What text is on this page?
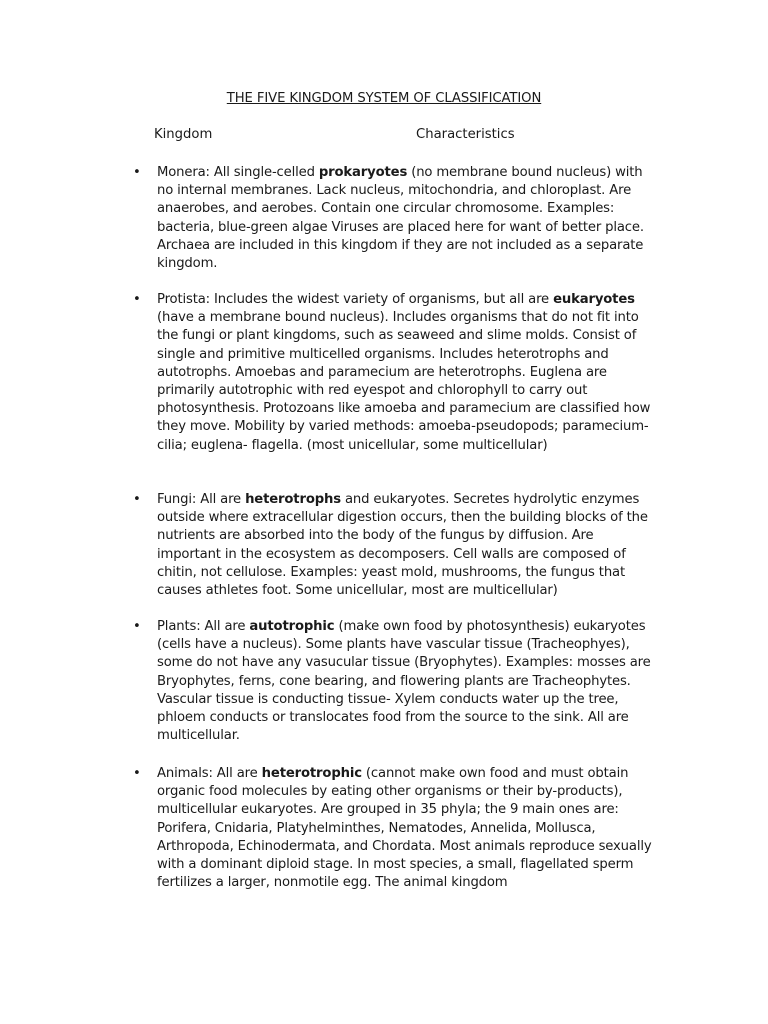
THE FIVE KINGDOM SYSTEM OF CLASSIFICATION
Kingdom	Characteristics
• Monera: All single-celled prokaryotes (no membrane bound nucleus) with no internal membranes. Lack nucleus, mitochondria, and chloroplast. Are anaerobes, and aerobes. Contain one circular chromosome. Examples: bacteria, blue-green algae Viruses are placed here for want of better place. Archaea are included in this kingdom if they are not included as a separate kingdom.

• Protista: Includes the widest variety of organisms, but all are eukaryotes (have a membrane bound nucleus). Includes organisms that do not fit into the fungi or plant kingdoms, such as seaweed and slime molds. Consist of single and primitive multicelled organisms. Includes heterotrophs and autotrophs. Amoebas and paramecium are heterotrophs. Euglena are primarily autotrophic with red eyespot and chlorophyll to carry out photosynthesis. Protozoans like amoeba and paramecium are classified how they move. Mobility by varied methods: amoeba-pseudopods; paramecium- cilia; euglena- flagella. (most unicellular, some multicellular)

• Fungi: All are heterotrophs and eukaryotes. Secretes hydrolytic enzymes outside where extracellular digestion occurs, then the building blocks of the nutrients are absorbed into the body of the fungus by diffusion. Are important in the ecosystem as decomposers. Cell walls are composed of chitin, not cellulose. Examples: yeast mold, mushrooms, the fungus that causes athletes foot. Some unicellular, most are multicellular)

• Plants: All are autotrophic (make own food by photosynthesis) eukaryotes (cells have a nucleus). Some plants have vascular tissue (Tracheophyes), some do not have any vasucular tissue (Bryophytes). Examples: mosses are Bryophytes, ferns, cone bearing, and flowering plants are Tracheophytes. Vascular tissue is conducting tissue- Xylem conducts water up the tree, phloem conducts or translocates food from the source to the sink. All are multicellular.

• Animals: All are heterotrophic (cannot make own food and must obtain organic food molecules by eating other organisms or their by-products), multicellular eukaryotes. Are grouped in 35 phyla; the 9 main ones are: Porifera, Cnidaria, Platyhelminthes, Nematodes, Annelida, Mollusca, Arthropoda, Echinodermata, and Chordata. Most animals reproduce sexually with a dominant diploid stage. In most species, a small, flagellated sperm fertilizes a larger, nonmotile egg. The animal kingdom
